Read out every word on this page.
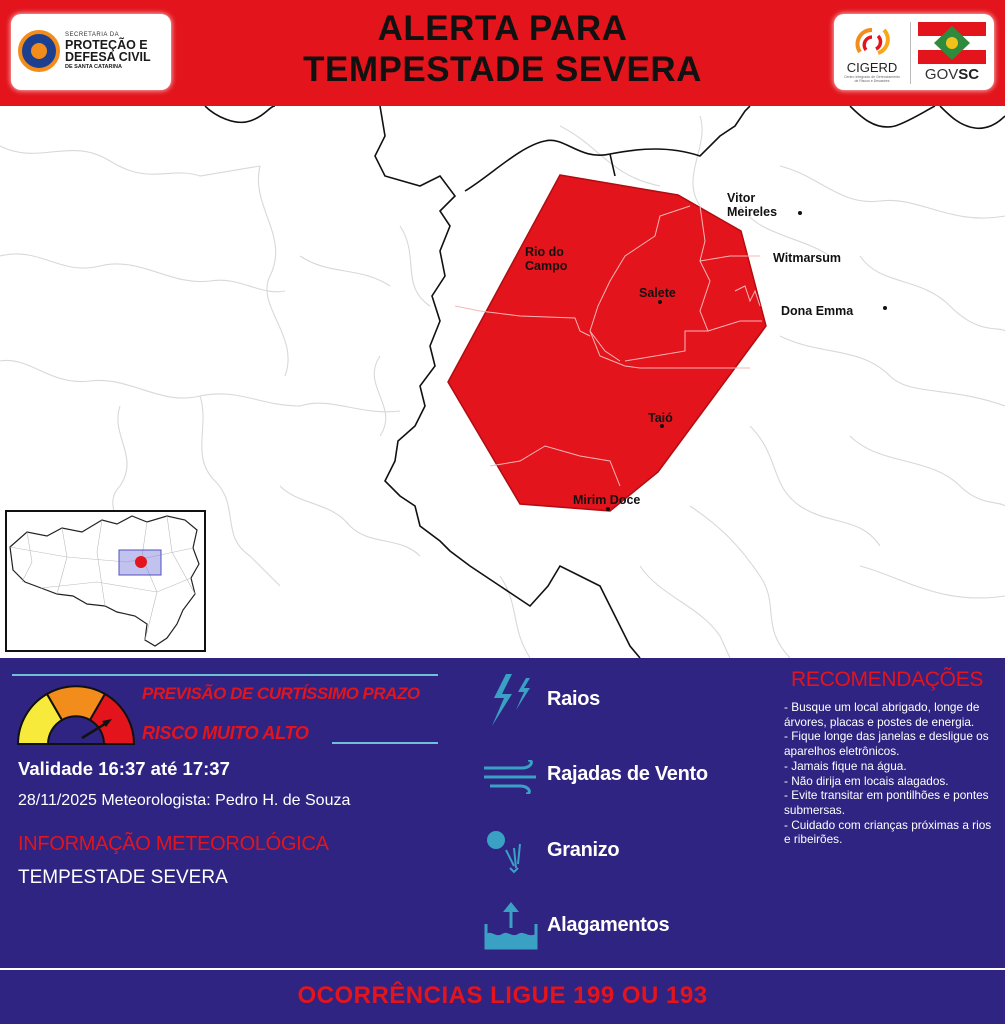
SECRETARIA DA
PROTEÇÃO E
DEFESA CIVIL
DE SANTA CATARINA
ALERTA PARA
TEMPESTADE SEVERA	CIGERD
Centro Integrado de Gerenciamento de Riscos e Desastres	GOVSC
Vitor
Meireles
Rio do
Campo
Witmarsum
Salete
Dona Emma
Taió
Mirim Doce
PREVISÃO DE CURTÍSSIMO PRAZO
RISCO MUITO ALTO
Validade 16:37 até 17:37
28/11/2025 Meteorologista: Pedro H. de Souza
INFORMAÇÃO METEOROLÓGICA
TEMPESTADE SEVERA
Raios
Rajadas de Vento
Granizo
Alagamentos
RECOMENDAÇÕES
- Busque um local abrigado, longe de árvores, placas e postes de energia.
- Fique longe das janelas e desligue os aparelhos eletrônicos.
- Jamais fique na água.
- Não dirija em locais alagados.
- Evite transitar em pontilhões e pontes submersas.
- Cuidado com crianças próximas a rios e ribeirões.
OCORRÊNCIAS LIGUE 199 OU 193
